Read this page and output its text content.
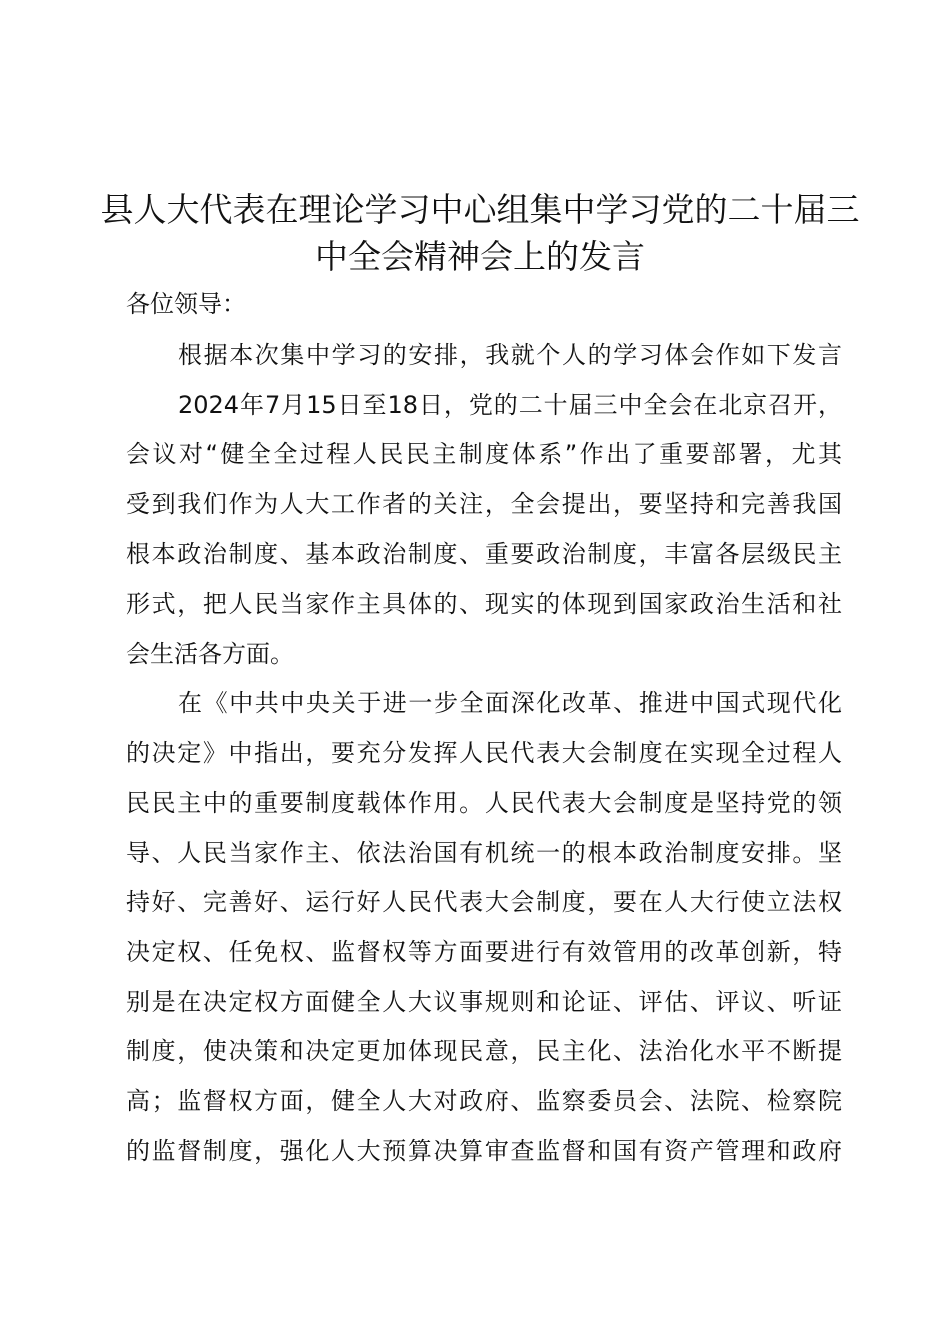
县人大代表在理论学习中心组集中学习党的二十届三中全会精神会上的发言

各位领导：

根据本次集中学习的安排，我就个人的学习体会作如下发言

2024年7月15日至18日，党的二十届三中全会在北京召开，

会议对“健全全过程人民民主制度体系”作出了重要部署，尤其

受到我们作为人大工作者的关注，全会提出，要坚持和完善我国

根本政治制度、基本政治制度、重要政治制度，丰富各层级民主

形式，把人民当家作主具体的、现实的体现到国家政治生活和社

会生活各方面。

在《中共中央关于进一步全面深化改革、推进中国式现代化

的决定》中指出，要充分发挥人民代表大会制度在实现全过程人

民民主中的重要制度载体作用。人民代表大会制度是坚持党的领

导、人民当家作主、依法治国有机统一的根本政治制度安排。坚

持好、完善好、运行好人民代表大会制度，要在人大行使立法权

决定权、任免权、监督权等方面要进行有效管用的改革创新，特

别是在决定权方面健全人大议事规则和论证、评估、评议、听证

制度，使决策和决定更加体现民意，民主化、法治化水平不断提

高；监督权方面，健全人大对政府、监察委员会、法院、检察院

的监督制度，强化人大预算决算审查监督和国有资产管理和政府
